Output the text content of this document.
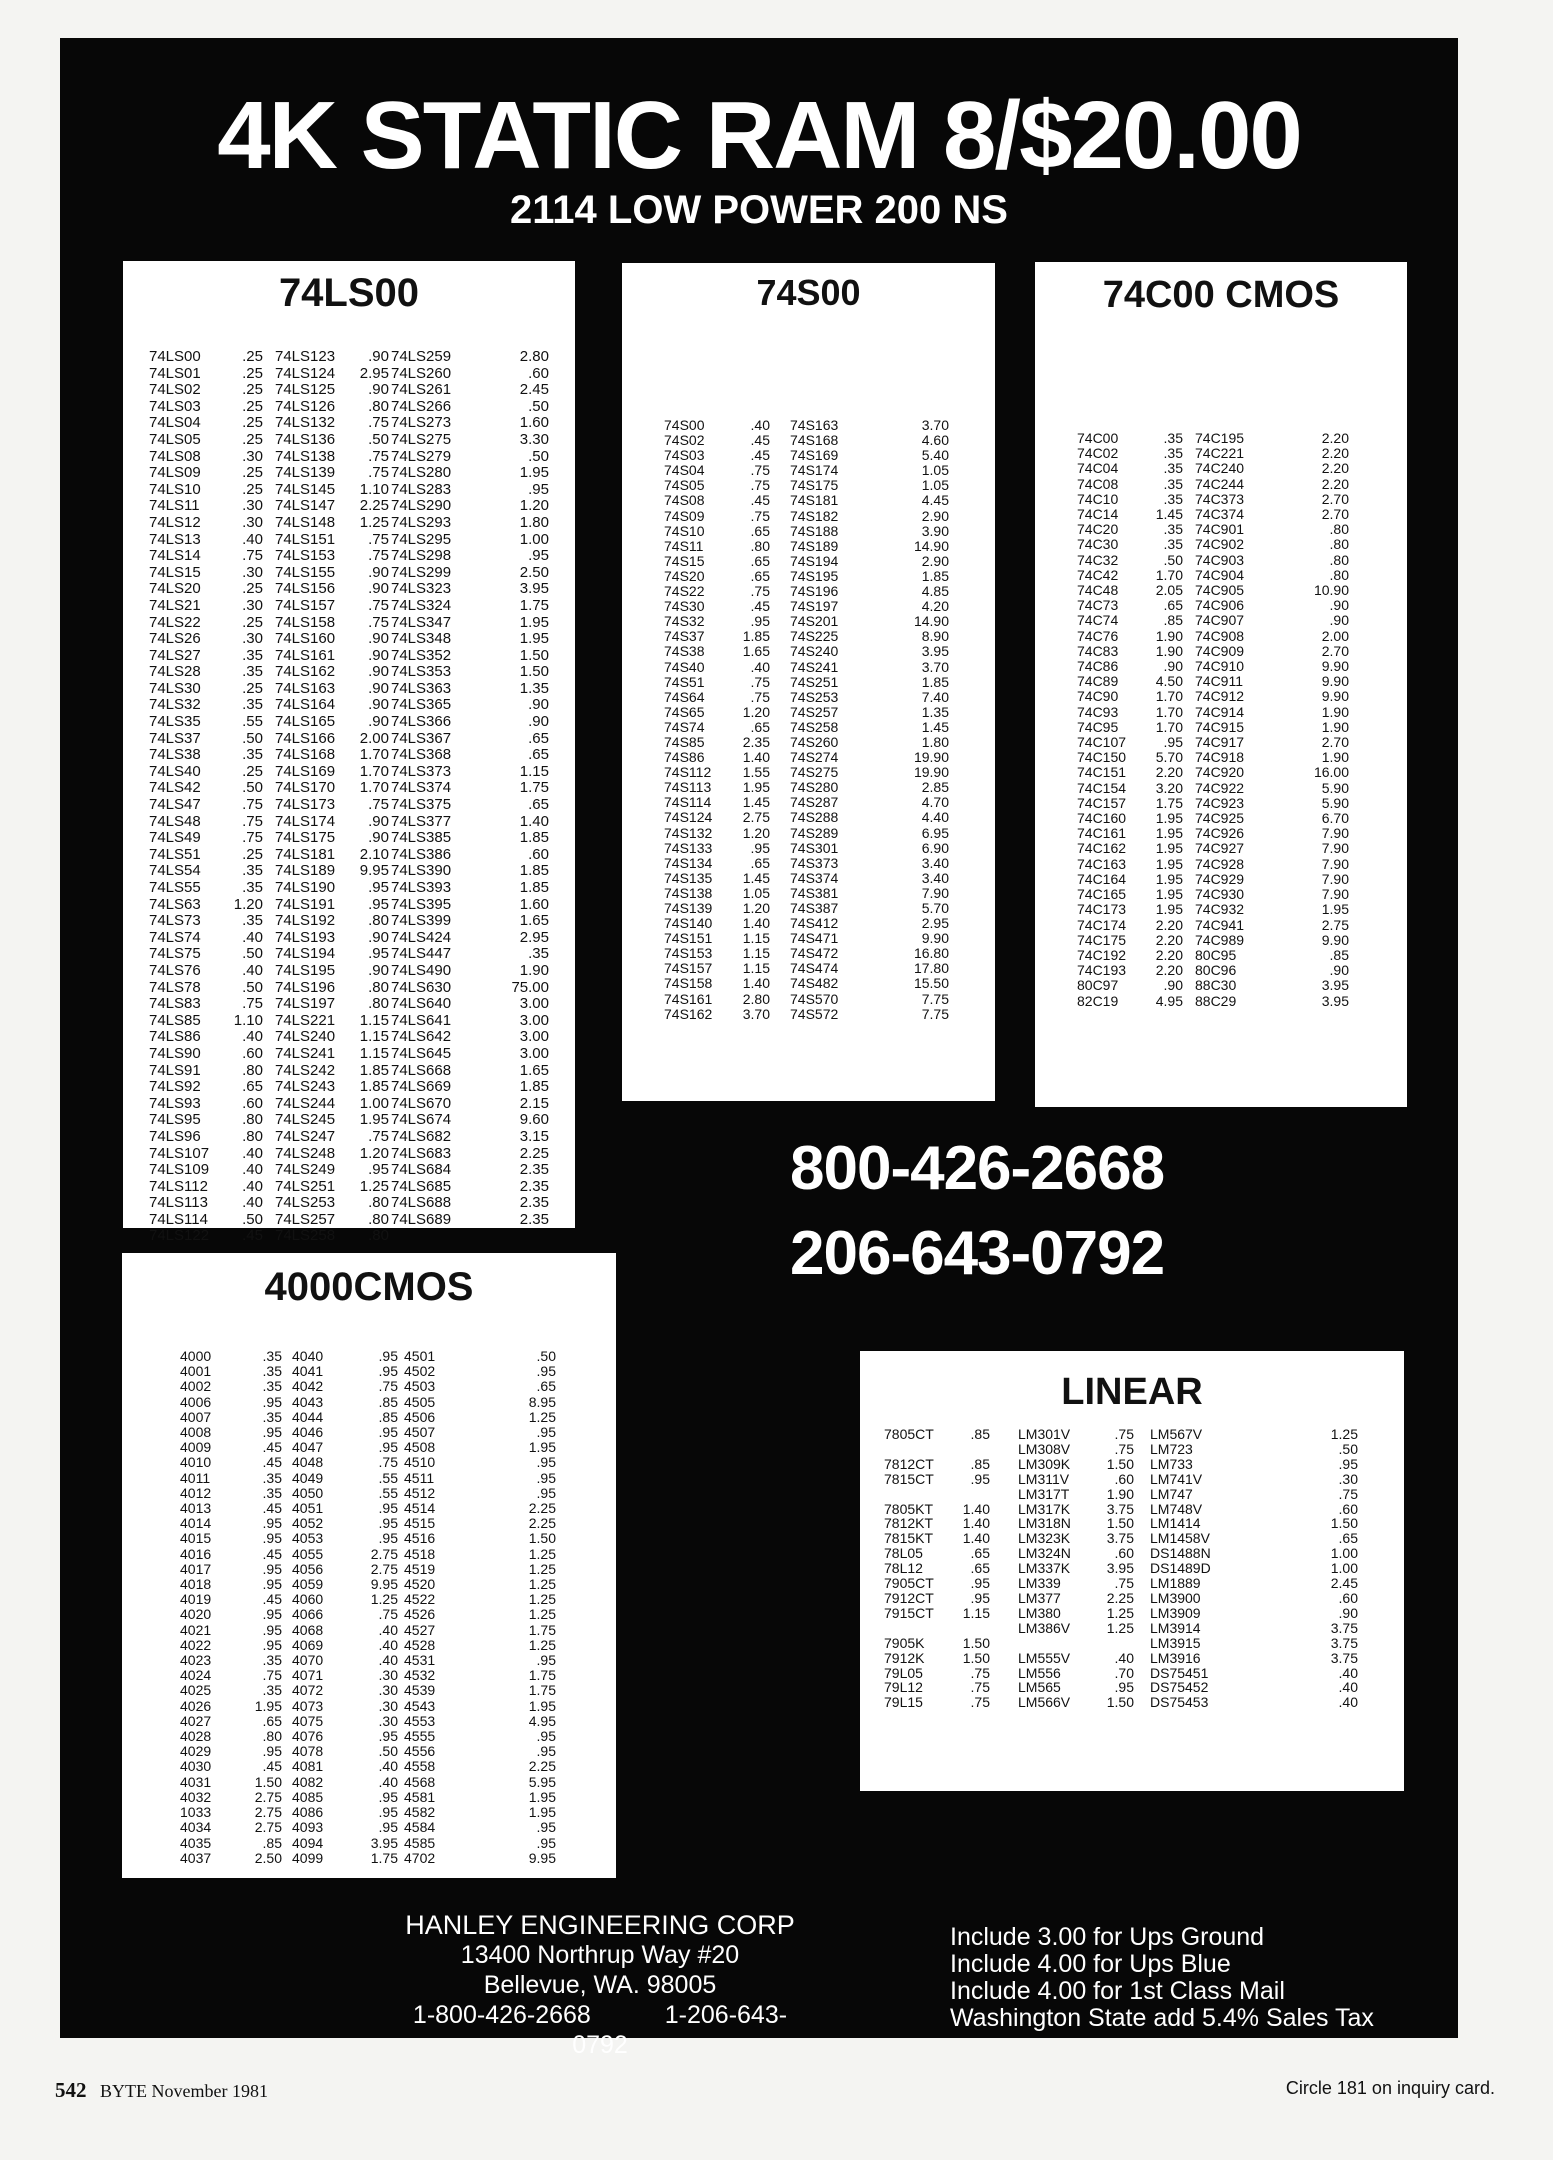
4K STATIC RAM 8/$20.00
2114 LOW POWER 200 NS
74LS00
74LS00
74LS01
74LS02
74LS03
74LS04
74LS05
74LS08
74LS09
74LS10
74LS11
74LS12
74LS13
74LS14
74LS15
74LS20
74LS21
74LS22
74LS26
74LS27
74LS28
74LS30
74LS32
74LS35
74LS37
74LS38
74LS40
74LS42
74LS47
74LS48
74LS49
74LS51
74LS54
74LS55
74LS63
74LS73
74LS74
74LS75
74LS76
74LS78
74LS83
74LS85
74LS86
74LS90
74LS91
74LS92
74LS93
74LS95
74LS96
74LS107
74LS109
74LS112
74LS113
74LS114
74LS122
.25
.25
.25
.25
.25
.25
.30
.25
.25
.30
.30
.40
.75
.30
.25
.30
.25
.30
.35
.35
.25
.35
.55
.50
.35
.25
.50
.75
.75
.75
.25
.35
.35
1.20
.35
.40
.50
.40
.50
.75
1.10
.40
.60
.80
.65
.60
.80
.80
.40
.40
.40
.40
.50
.45
74LS123
74LS124
74LS125
74LS126
74LS132
74LS136
74LS138
74LS139
74LS145
74LS147
74LS148
74LS151
74LS153
74LS155
74LS156
74LS157
74LS158
74LS160
74LS161
74LS162
74LS163
74LS164
74LS165
74LS166
74LS168
74LS169
74LS170
74LS173
74LS174
74LS175
74LS181
74LS189
74LS190
74LS191
74LS192
74LS193
74LS194
74LS195
74LS196
74LS197
74LS221
74LS240
74LS241
74LS242
74LS243
74LS244
74LS245
74LS247
74LS248
74LS249
74LS251
74LS253
74LS257
74LS258
.90
2.95
.90
.80
.75
.50
.75
.75
1.10
2.25
1.25
.75
.75
.90
.90
.75
.75
.90
.90
.90
.90
.90
.90
2.00
1.70
1.70
1.70
.75
.90
.90
2.10
9.95
.95
.95
.80
.90
.95
.90
.80
.80
1.15
1.15
1.15
1.85
1.85
1.00
1.95
.75
1.20
.95
1.25
.80
.80
.80
74LS259
74LS260
74LS261
74LS266
74LS273
74LS275
74LS279
74LS280
74LS283
74LS290
74LS293
74LS295
74LS298
74LS299
74LS323
74LS324
74LS347
74LS348
74LS352
74LS353
74LS363
74LS365
74LS366
74LS367
74LS368
74LS373
74LS374
74LS375
74LS377
74LS385
74LS386
74LS390
74LS393
74LS395
74LS399
74LS424
74LS447
74LS490
74LS630
74LS640
74LS641
74LS642
74LS645
74LS668
74LS669
74LS670
74LS674
74LS682
74LS683
74LS684
74LS685
74LS688
74LS689

2.80
.60
2.45
.50
1.60
3.30
.50
1.95
.95
1.20
1.80
1.00
.95
2.50
3.95
1.75
1.95
1.95
1.50
1.50
1.35
.90
.90
.65
.65
1.15
1.75
.65
1.40
1.85
.60
1.85
1.85
1.60
1.65
2.95
.35
1.90
75.00
3.00
3.00
3.00
3.00
1.65
1.85
2.15
9.60
3.15
2.25
2.35
2.35
2.35
2.35

74S00
74S00
74S02
74S03
74S04
74S05
74S08
74S09
74S10
74S11
74S15
74S20
74S22
74S30
74S32
74S37
74S38
74S40
74S51
74S64
74S65
74S74
74S85
74S86
74S112
74S113
74S114
74S124
74S132
74S133
74S134
74S135
74S138
74S139
74S140
74S151
74S153
74S157
74S158
74S161
74S162
.40
.45
.45
.75
.75
.45
.75
.65
.80
.65
.65
.75
.45
.95
1.85
1.65
.40
.75
.75
1.20
.65
2.35
1.40
1.55
1.95
1.45
2.75
1.20
.95
.65
1.45
1.05
1.20
1.40
1.15
1.15
1.15
1.40
2.80
3.70
74S163
74S168
74S169
74S174
74S175
74S181
74S182
74S188
74S189
74S194
74S195
74S196
74S197
74S201
74S225
74S240
74S241
74S251
74S253
74S257
74S258
74S260
74S274
74S275
74S280
74S287
74S288
74S289
74S301
74S373
74S374
74S381
74S387
74S412
74S471
74S472
74S474
74S482
74S570
74S572
3.70
4.60
5.40
1.05
1.05
4.45
2.90
3.90
14.90
2.90
1.85
4.85
4.20
14.90
8.90
3.95
3.70
1.85
7.40
1.35
1.45
1.80
19.90
19.90
2.85
4.70
4.40
6.95
6.90
3.40
3.40
7.90
5.70
2.95
9.90
16.80
17.80
15.50
7.75
7.75
74C00 CMOS
74C00
74C02
74C04
74C08
74C10
74C14
74C20
74C30
74C32
74C42
74C48
74C73
74C74
74C76
74C83
74C86
74C89
74C90
74C93
74C95
74C107
74C150
74C151
74C154
74C157
74C160
74C161
74C162
74C163
74C164
74C165
74C173
74C174
74C175
74C192
74C193
80C97
82C19
.35
.35
.35
.35
.35
1.45
.35
.35
.50
1.70
2.05
.65
.85
1.90
1.90
.90
4.50
1.70
1.70
1.70
.95
5.70
2.20
3.20
1.75
1.95
1.95
1.95
1.95
1.95
1.95
1.95
2.20
2.20
2.20
2.20
.90
4.95
74C195
74C221
74C240
74C244
74C373
74C374
74C901
74C902
74C903
74C904
74C905
74C906
74C907
74C908
74C909
74C910
74C911
74C912
74C914
74C915
74C917
74C918
74C920
74C922
74C923
74C925
74C926
74C927
74C928
74C929
74C930
74C932
74C941
74C989
80C95
80C96
88C30
88C29
2.20
2.20
2.20
2.20
2.70
2.70
.80
.80
.80
.80
10.90
.90
.90
2.00
2.70
9.90
9.90
9.90
1.90
1.90
2.70
1.90
16.00
5.90
5.90
6.70
7.90
7.90
7.90
7.90
7.90
1.95
2.75
9.90
.85
.90
3.95
3.95
800-426-2668
206-643-0792
4000CMOS
4000
4001
4002
4006
4007
4008
4009
4010
4011
4012
4013
4014
4015
4016
4017
4018
4019
4020
4021
4022
4023
4024
4025
4026
4027
4028
4029
4030
4031
4032
1033
4034
4035
4037
.35
.35
.35
.95
.35
.95
.45
.45
.35
.35
.45
.95
.95
.45
.95
.95
.45
.95
.95
.95
.35
.75
.35
1.95
.65
.80
.95
.45
1.50
2.75
2.75
2.75
.85
2.50
4040
4041
4042
4043
4044
4046
4047
4048
4049
4050
4051
4052
4053
4055
4056
4059
4060
4066
4068
4069
4070
4071
4072
4073
4075
4076
4078
4081
4082
4085
4086
4093
4094
4099
.95
.95
.75
.85
.85
.95
.95
.75
.55
.55
.95
.95
.95
2.75
2.75
9.95
1.25
.75
.40
.40
.40
.30
.30
.30
.30
.95
.50
.40
.40
.95
.95
.95
3.95
1.75
4501
4502
4503
4505
4506
4507
4508
4510
4511
4512
4514
4515
4516
4518
4519
4520
4522
4526
4527
4528
4531
4532
4539
4543
4553
4555
4556
4558
4568
4581
4582
4584
4585
4702
.50
.95
.65
8.95
1.25
.95
1.95
.95
.95
.95
2.25
2.25
1.50
1.25
1.25
1.25
1.25
1.25
1.75
1.25
.95
1.75
1.75
1.95
4.95
.95
.95
2.25
5.95
1.95
1.95
.95
.95
9.95
LINEAR
7805CT

7812CT
7815CT

7805KT
7812KT
7815KT
78L05
78L12
7905CT
7912CT
7915CT

7905K
7912K
79L05
79L12
79L15
.85

.85
.95

1.40
1.40
1.40
.65
.65
.95
.95
1.15

1.50
1.50
.75
.75
.75
LM301V
LM308V
LM309K
LM311V
LM317T
LM317K
LM318N
LM323K
LM324N
LM337K
LM339
LM377
LM380
LM386V

LM555V
LM556
LM565
LM566V
.75
.75
1.50
.60
1.90
3.75
1.50
3.75
.60
3.95
.75
2.25
1.25
1.25

.40
.70
.95
1.50
LM567V
LM723
LM733
LM741V
LM747
LM748V
LM1414
LM1458V
DS1488N
DS1489D
LM1889
LM3900
LM3909
LM3914
LM3915
LM3916
DS75451
DS75452
DS75453
1.25
.50
.95
.30
.75
.60
1.50
.65
1.00
1.00
2.45
.60
.90
3.75
3.75
3.75
.40
.40
.40
HANLEY ENGINEERING CORP
13400 Northrup Way #20
Bellevue, WA. 98005
1-800-426-2668	1-206-643-0792
Include 3.00 for Ups Ground
Include 4.00 for Ups Blue
Include 4.00 for 1st Class Mail
Washington State add 5.4% Sales Tax
542 BYTE November 1981	Circle 181 on inquiry card.
